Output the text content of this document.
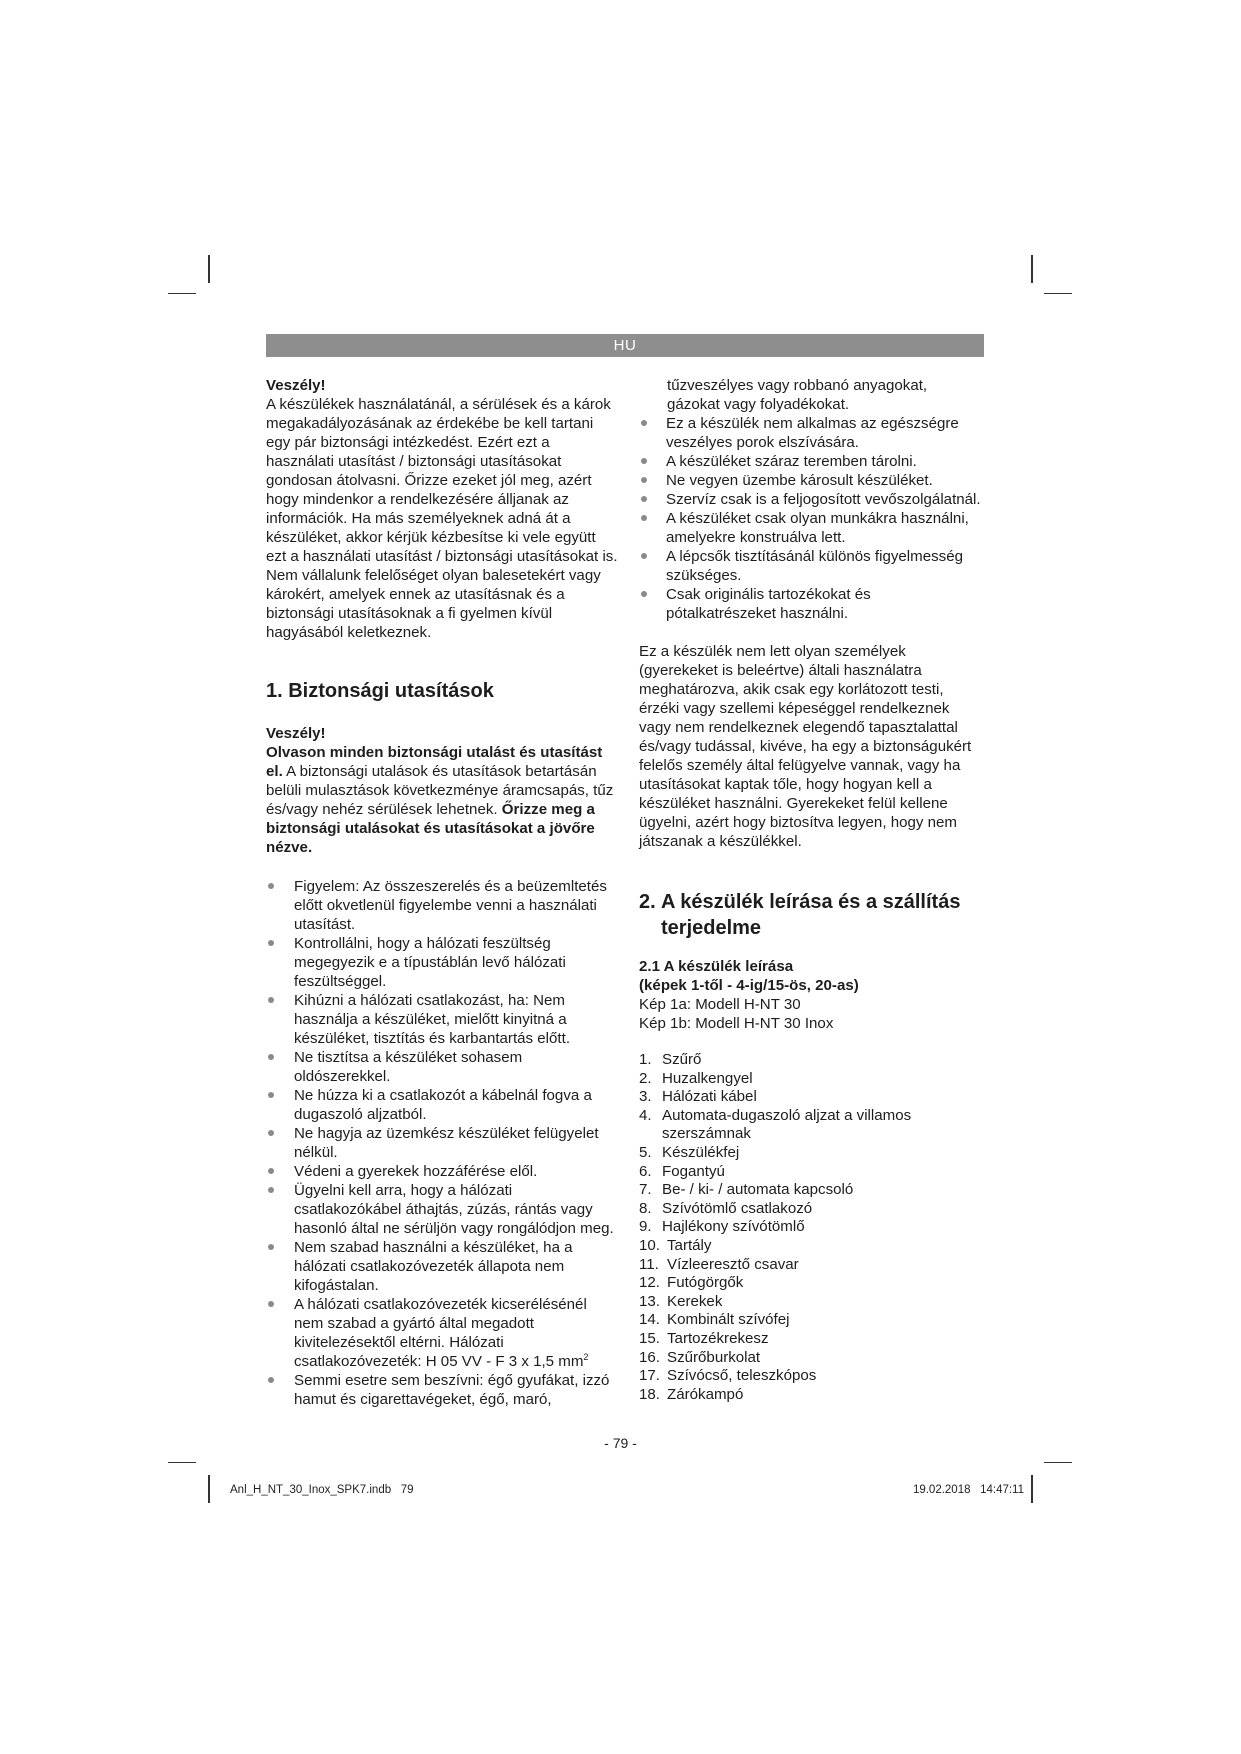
HU

Veszély!

A készülékek használatánál, a sérülések és a károk megakadályozásának az érdekébe be kell tartani egy pár biztonsági intézkedést. Ezért ezt a használati utasítást / biztonsági utasításokat gondosan átolvasni. Őrizze ezeket jól meg, azért hogy mindenkor a rendelkezésére álljanak az információk. Ha más személyeknek adná át a készüléket, akkor kérjük kézbesítse ki vele együtt ezt a használati utasítást / biztonsági utasításokat is. Nem vállalunk felelőséget olyan balesetekért vagy károkért, amelyek ennek az utasításnak és a biztonsági utasításoknak a fi gyelmen kívül hagyásából keletkeznek.

1. Biztonsági utasítások

Veszély!

Olvason minden biztonsági utalást és utasítást el. A biztonsági utalások és utasítások betartásán belüli mulasztások következménye áramcsapás, tűz és/vagy nehéz sérülések lehetnek. Őrizze meg a biztonsági utalásokat és utasításokat a jövőre nézve.

Figyelem: Az összeszerelés és a beüzemltetés előtt okvetlenül figyelembe venni a használati utasítást.
Kontrollálni, hogy a hálózati feszültség megegyezik e a típustáblán levő hálózati feszültséggel.
Kihúzni a hálózati csatlakozást, ha: Nem használja a készüléket, mielőtt kinyitná a készüléket, tisztítás és karbantartás előtt.
Ne tisztítsa a készüléket sohasem oldószerekkel.
Ne húzza ki a csatlakozót a kábelnál fogva a dugaszoló aljzatból.
Ne hagyja az üzemkész készüléket felügyelet nélkül.
Védeni a gyerekek hozzáférése elől.
Ügyelni kell arra, hogy a hálózati csatlakozókábel áthajtás, zúzás, rántás vagy hasonló által ne sérüljön vagy rongálódjon meg.
Nem szabad használni a készüléket, ha a hálózati csatlakozóvezeték állapota nem kifogástalan.
A hálózati csatlakozóvezeték kicserélésénél nem szabad a gyártó által megadott kivitelezésektől eltérni. Hálózati csatlakozóvezeték: H 05 VV - F 3 x 1,5 $mm^2$
Semmi esetre sem beszívni: égő gyufákat, izzó hamut és cigarettavégeket, égő, maró,
tűzveszélyes vagy robbanó anyagokat, gázokat vagy folyadékokat.
Ez a készülék nem alkalmas az egészségre veszélyes porok elszívására.
A készüléket száraz teremben tárolni.
Ne vegyen üzembe károsult készüléket.
Szervíz csak is a feljogosított vevőszolgálatnál.
A készüléket csak olyan munkákra használni, amelyekre konstruálva lett.
A lépcsők tisztításánál különös figyelmesség szükséges.
Csak originális tartozékokat és pótalkatrészeket használni.

Ez a készülék nem lett olyan személyek (gyerekeket is beleértve) általi használatra meghatározva, akik csak egy korlátozott testi, érzéki vagy szellemi képeséggel rendelkeznek vagy nem rendelkeznek elegendő tapasztalattal és/vagy tudással, kivéve, ha egy a biztonságukért felelős személy által felügyelve vannak, vagy ha utasításokat kaptak tőle, hogy hogyan kell a készüléket használni. Gyerekeket felül kellene ügyelni, azért hogy biztosítva legyen, hogy nem játszanak a készülékkel.

2. A készülék leírása és a szállítás terjedelme

2.1 A készülék leírása

(képek 1-től - 4-ig/15-ös, 20-as)

Kép 1a: Modell H-NT 30

Kép 1b: Modell H-NT 30 Inox

1. Szűrő
2. Huzalkengyel
3. Hálózati kábel
4. Automata-dugaszoló aljzat a villamos szerszámnak
5. Készülékfej
6. Fogantyú
7. Be- / ki- / automata kapcsoló
8. Szívótömlő csatlakozó
9. Hajlékony szívótömlő
10. Tartály
11. Vízleeresztő csavar
12. Futógörgők
13. Kerekek
14. Kombinált szívófej
15. Tartozékrekesz
16. Szűrőburkolat
17. Szívócső, teleszkópos
18. Zárókampó
- 79 -
Anl_H_NT_30_Inox_SPK7.indb   79	19.02.2018   14:47:11
